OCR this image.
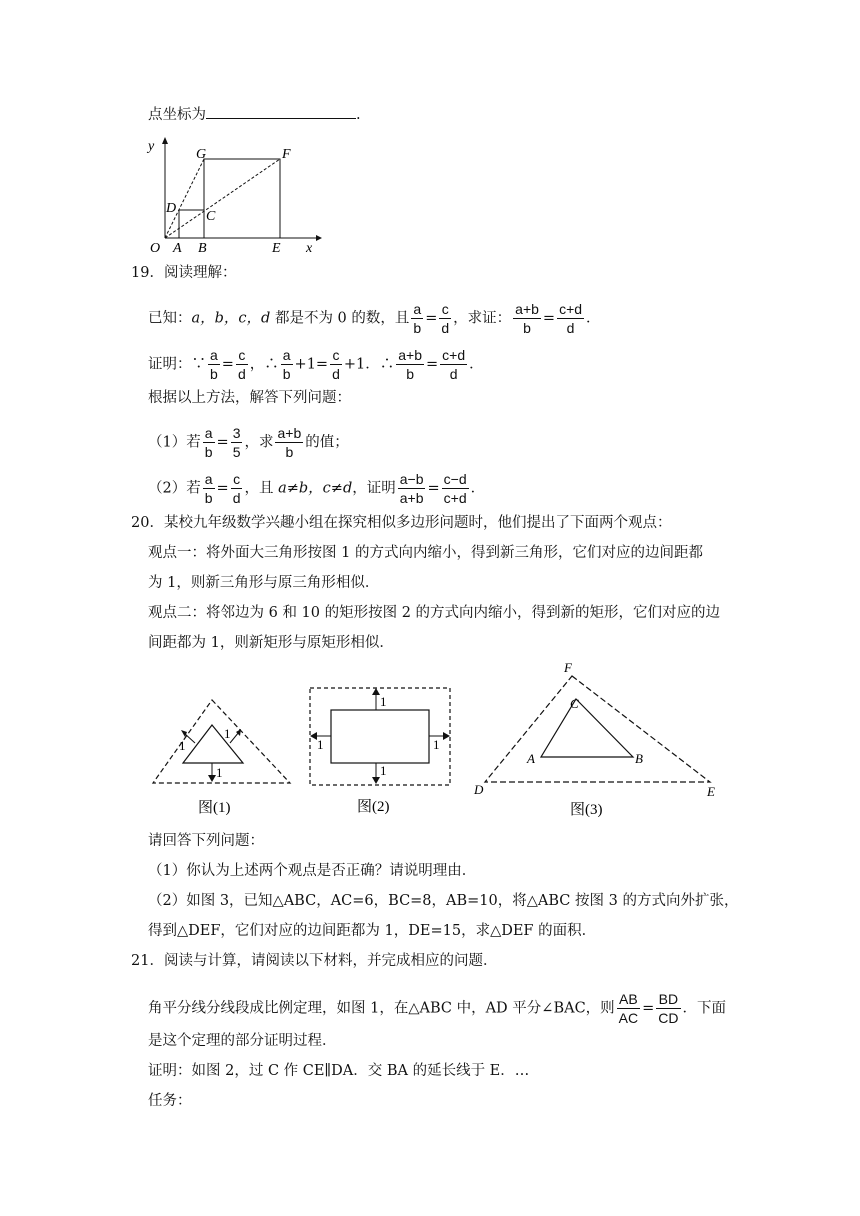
点坐标为	.
y
x
O A B	E
D
C
G	F
19．阅读理解：
已知：a，b，c，d 都是不为 0 的数，且 $\frac{a}{b} = \frac{c}{d}$ ，求证： $\frac{a+b}{b} = \frac{c+d}{d}$ ．
证明：∵ $\frac{a}{b} = \frac{c}{d}$ ，∴ $\frac{a}{b} +1= \frac{c}{d} +1$．∴ $\frac{a+b}{b} = \frac{c+d}{d}$ ．
根据以上方法，解答下列问题：
（1）若 $\frac{a}{b} = \frac{3}{5}$ ，求 $\frac{a+b}{b}$ 的值；
（2）若 $\frac{a}{b} = \frac{c}{d}$ ，且 a≠b，c≠d，证明 $\frac{a-b}{a+b} = \frac{c-d}{c+d}$ ．
20．某校九年级数学兴趣小组在探究相似多边形问题时，他们提出了下面两个观点：
观点一：将外面大三角形按图 1 的方式向内缩小，得到新三角形，它们对应的边间距都
为 1，则新三角形与原三角形相似．
观点二：将邻边为 6 和 10 的矩形按图 2 的方式向内缩小，得到新的矩形，它们对应的边
间距都为 1，则新矩形与原矩形相似．
1
1
1
图(1)
1
1
1	1
图(2)
F
C
A	B
D	E
图(3)
请回答下列问题：
（1）你认为上述两个观点是否正确？请说明理由．
（2）如图 3，已知△ABC，AC=6，BC=8，AB=10，将△ABC 按图 3 的方式向外扩张，
得到△DEF，它们对应的边间距都为 1，DE=15，求△DEF 的面积．
21．阅读与计算，请阅读以下材料，并完成相应的问题．
角平分线分线段成比例定理，如图 1，在△ABC 中，AD 平分∠BAC，则 $\frac{AB}{AC} = \frac{BD}{CD}$ ．下面
是这个定理的部分证明过程．
证明：如图 2，过 C 作 CE∥DA．交 BA 的延长线于 E．…
任务：
